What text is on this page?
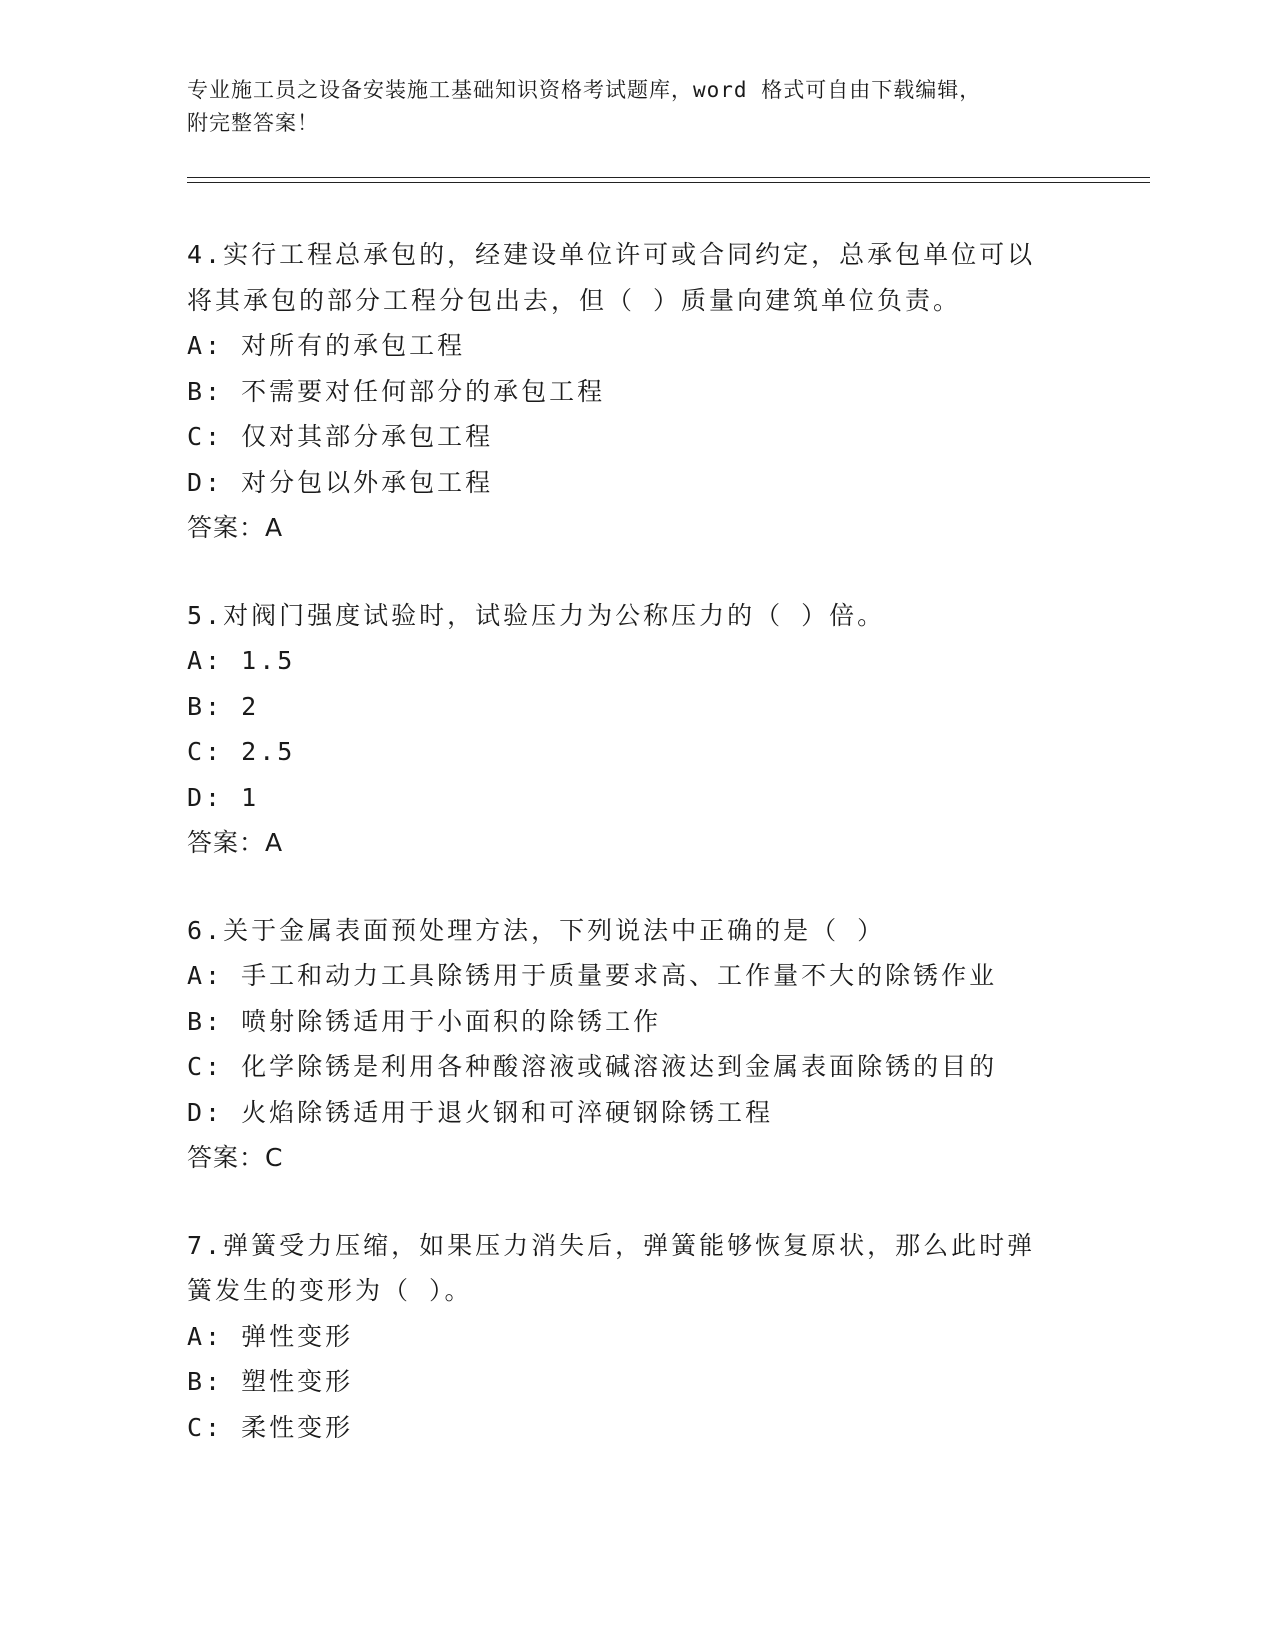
专业施工员之设备安装施工基础知识资格考试题库，word 格式可自由下载编辑，
附完整答案！
4.实行工程总承包的，经建设单位许可或合同约定，总承包单位可以
将其承包的部分工程分包出去，但（ ）质量向建筑单位负责。
A: 对所有的承包工程
B: 不需要对任何部分的承包工程
C: 仅对其部分承包工程
D: 对分包以外承包工程
答案：A
5.对阀门强度试验时，试验压力为公称压力的（ ）倍。
A: 1.5
B: 2
C: 2.5
D: 1
答案：A
6.关于金属表面预处理方法，下列说法中正确的是（ ）
A: 手工和动力工具除锈用于质量要求高、工作量不大的除锈作业
B: 喷射除锈适用于小面积的除锈工作
C: 化学除锈是利用各种酸溶液或碱溶液达到金属表面除锈的目的
D: 火焰除锈适用于退火钢和可淬硬钢除锈工程
答案：C
7.弹簧受力压缩，如果压力消失后，弹簧能够恢复原状，那么此时弹
簧发生的变形为（ ）。
A: 弹性变形
B: 塑性变形
C: 柔性变形
